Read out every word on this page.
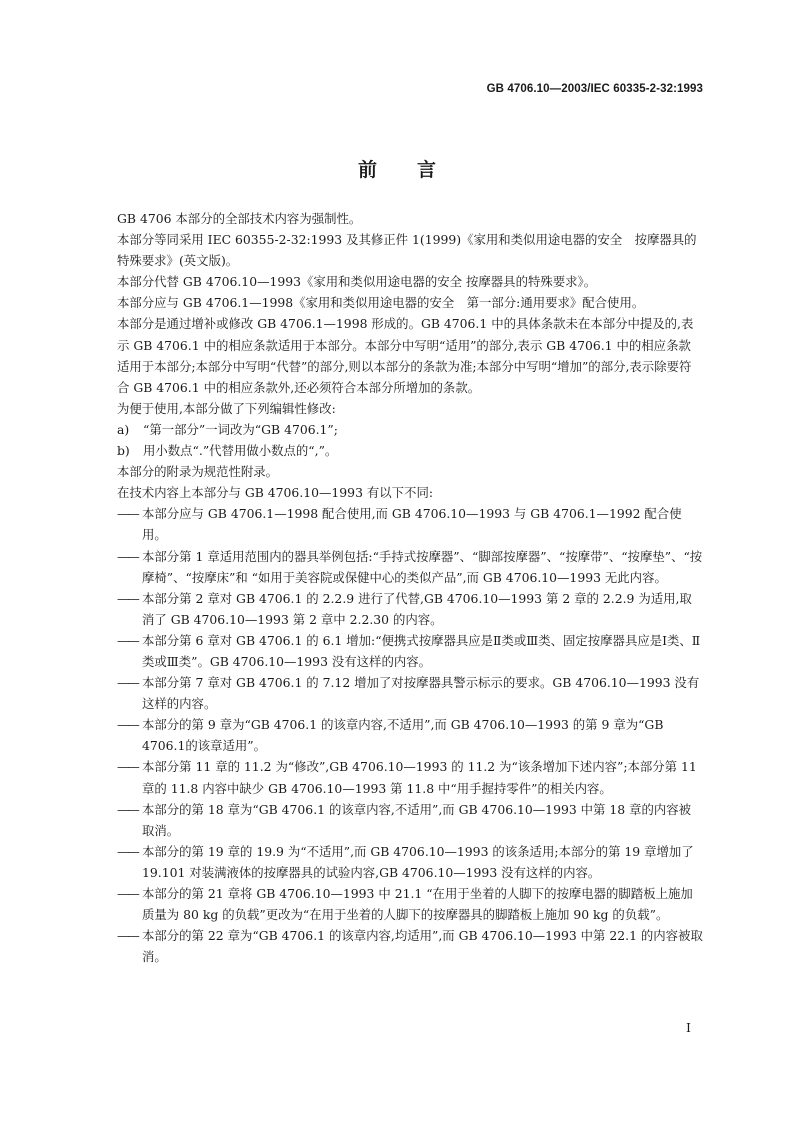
GB 4706.10—2003/IEC 60335-2-32:1993
前言

GB 4706 本部分的全部技术内容为强制性。

本部分等同采用 IEC 60355-2-32:1993 及其修正件 1(1999)《家用和类似用途电器的安全　按摩器具的特殊要求》(英文版)。

本部分代替 GB 4706.10—1993《家用和类似用途电器的安全 按摩器具的特殊要求》。

本部分应与 GB 4706.1—1998《家用和类似用途电器的安全　第一部分:通用要求》配合使用。

本部分是通过增补或修改 GB 4706.1—1998 形成的。GB 4706.1 中的具体条款未在本部分中提及的,表示 GB 4706.1 中的相应条款适用于本部分。本部分中写明“适用”的部分,表示 GB 4706.1 中的相应条款适用于本部分;本部分中写明“代替”的部分,则以本部分的条款为准;本部分中写明“增加”的部分,表示除要符合 GB 4706.1 中的相应条款外,还必须符合本部分所增加的条款。

为便于使用,本部分做了下列编辑性修改:

a) “第一部分”一词改为“GB 4706.1”;

b) 用小数点“.”代替用做小数点的“,”。

本部分的附录为规范性附录。

在技术内容上本部分与 GB 4706.10—1993 有以下不同:

—— 本部分应与 GB 4706.1—1998 配合使用,而 GB 4706.10—1993 与 GB 4706.1—1992 配合使用。

—— 本部分第 1 章适用范围内的器具举例包括:“手持式按摩器”、“脚部按摩器”、“按摩带”、“按摩垫”、“按摩椅”、“按摩床”和 “如用于美容院或保健中心的类似产品”,而 GB 4706.10—1993 无此内容。

—— 本部分第 2 章对 GB 4706.1 的 2.2.9 进行了代替,GB 4706.10—1993 第 2 章的 2.2.9 为适用,取消了 GB 4706.10—1993 第 2 章中 2.2.30 的内容。

—— 本部分第 6 章对 GB 4706.1 的 6.1 增加:“便携式按摩器具应是Ⅱ类或Ⅲ类、固定按摩器具应是Ⅰ类、Ⅱ类或Ⅲ类”。GB 4706.10—1993 没有这样的内容。

—— 本部分第 7 章对 GB 4706.1 的 7.12 增加了对按摩器具警示标示的要求。GB 4706.10—1993 没有这样的内容。

—— 本部分的第 9 章为“GB 4706.1 的该章内容,不适用”,而 GB 4706.10—1993 的第 9 章为“GB 4706.1的该章适用”。

—— 本部分第 11 章的 11.2 为“修改”,GB 4706.10—1993 的 11.2 为“该条增加下述内容”;本部分第 11 章的 11.8 内容中缺少 GB 4706.10—1993 第 11.8 中“用手握持零件”的相关内容。

—— 本部分的第 18 章为“GB 4706.1 的该章内容,不适用”,而 GB 4706.10—1993 中第 18 章的内容被取消。

—— 本部分的第 19 章的 19.9 为“不适用”,而 GB 4706.10—1993 的该条适用;本部分的第 19 章增加了 19.101 对装满液体的按摩器具的试验内容,GB 4706.10—1993 没有这样的内容。

—— 本部分的第 21 章将 GB 4706.10—1993 中 21.1 “在用于坐着的人脚下的按摩电器的脚踏板上施加质量为 80 kg 的负载”更改为“在用于坐着的人脚下的按摩器具的脚踏板上施加 90 kg 的负载”。

—— 本部分的第 22 章为“GB 4706.1 的该章内容,均适用”,而 GB 4706.10—1993 中第 22.1 的内容被取消。

I
